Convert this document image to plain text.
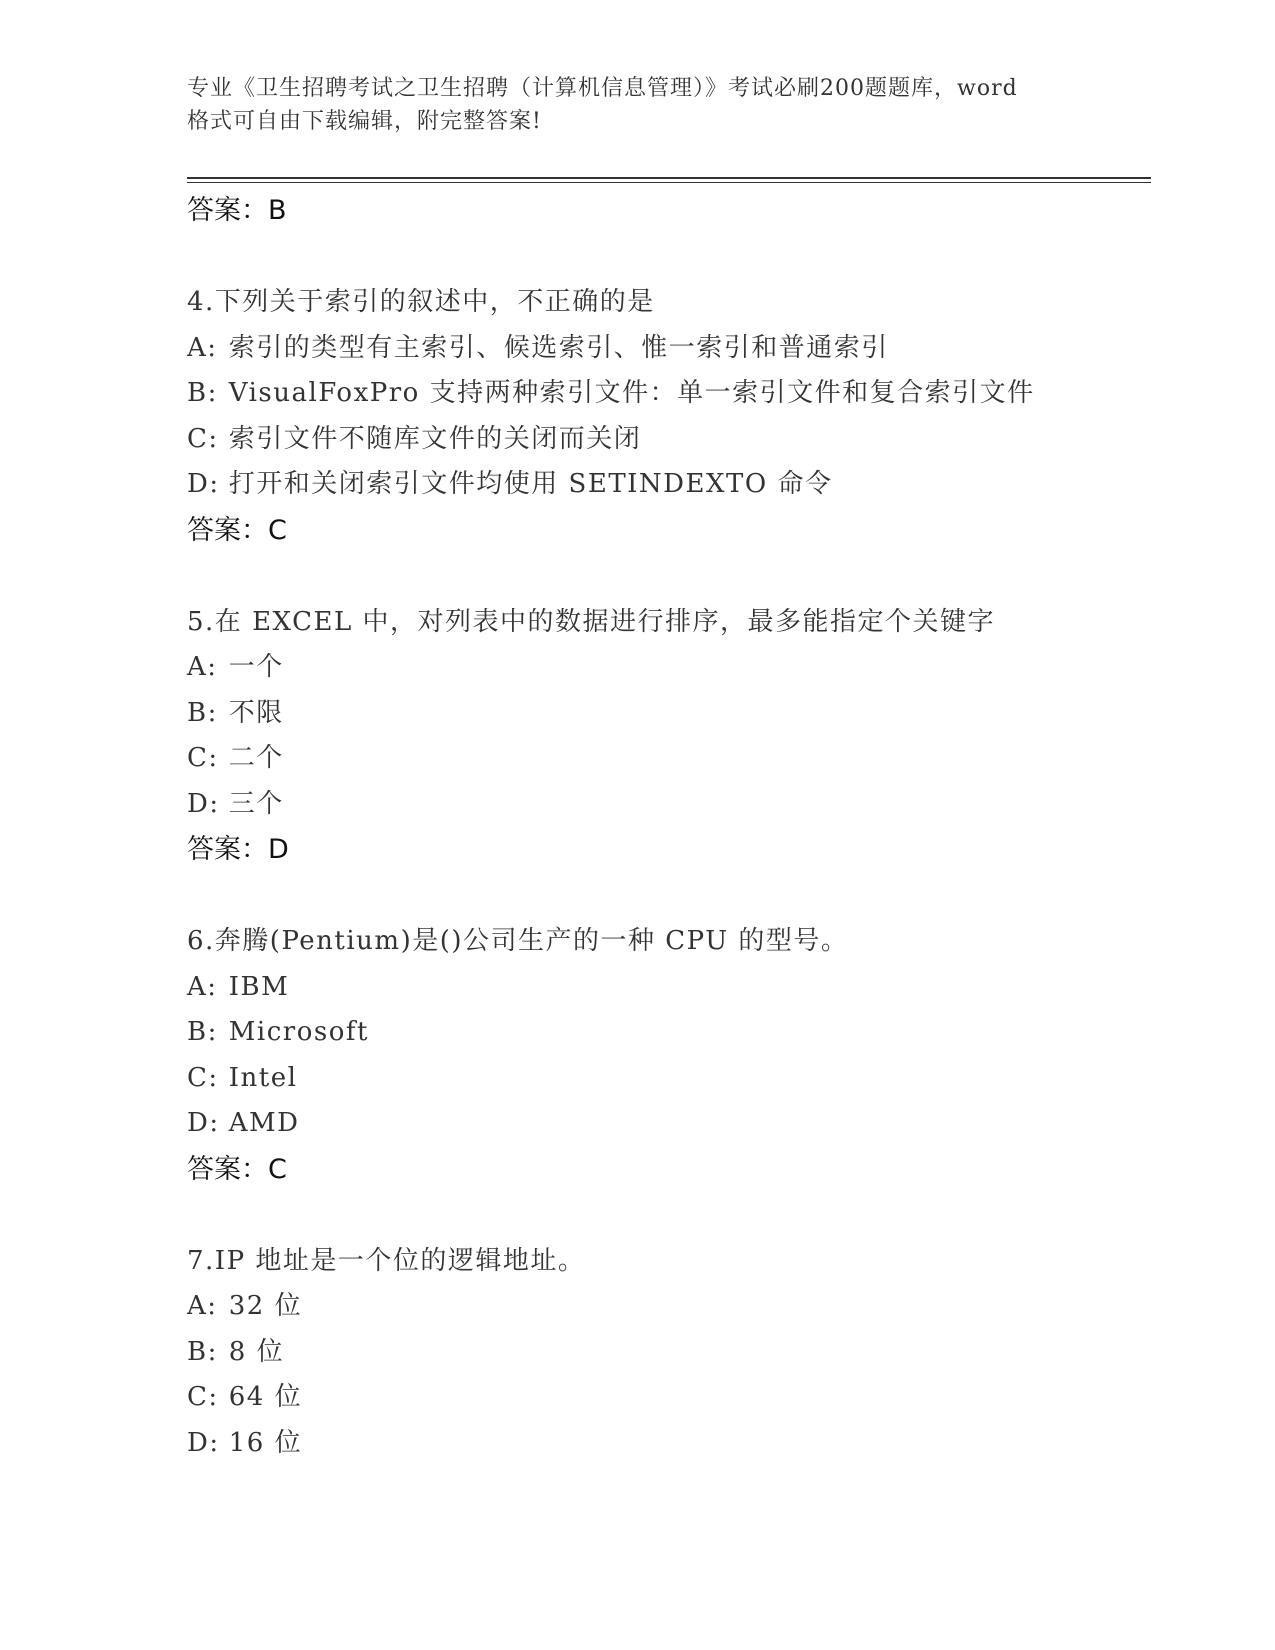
专业《卫生招聘考试之卫生招聘（计算机信息管理）》考试必刷200题题库，word
格式可自由下载编辑，附完整答案!
答案：B
4.下列关于索引的叙述中，不正确的是
A: 索引的类型有主索引、候选索引、惟一索引和普通索引
B: VisualFoxPro 支持两种索引文件：单一索引文件和复合索引文件
C: 索引文件不随库文件的关闭而关闭
D: 打开和关闭索引文件均使用 SETINDEXTO 命令
答案：C
5.在 EXCEL 中，对列表中的数据进行排序，最多能指定个关键字
A: 一个
B: 不限
C: 二个
D: 三个
答案：D
6.奔腾(Pentium)是()公司生产的一种 CPU 的型号。
A: IBM
B: Microsoft
C: Intel
D: AMD
答案：C
7.IP 地址是一个位的逻辑地址。
A: 32 位
B: 8 位
C: 64 位
D: 16 位
